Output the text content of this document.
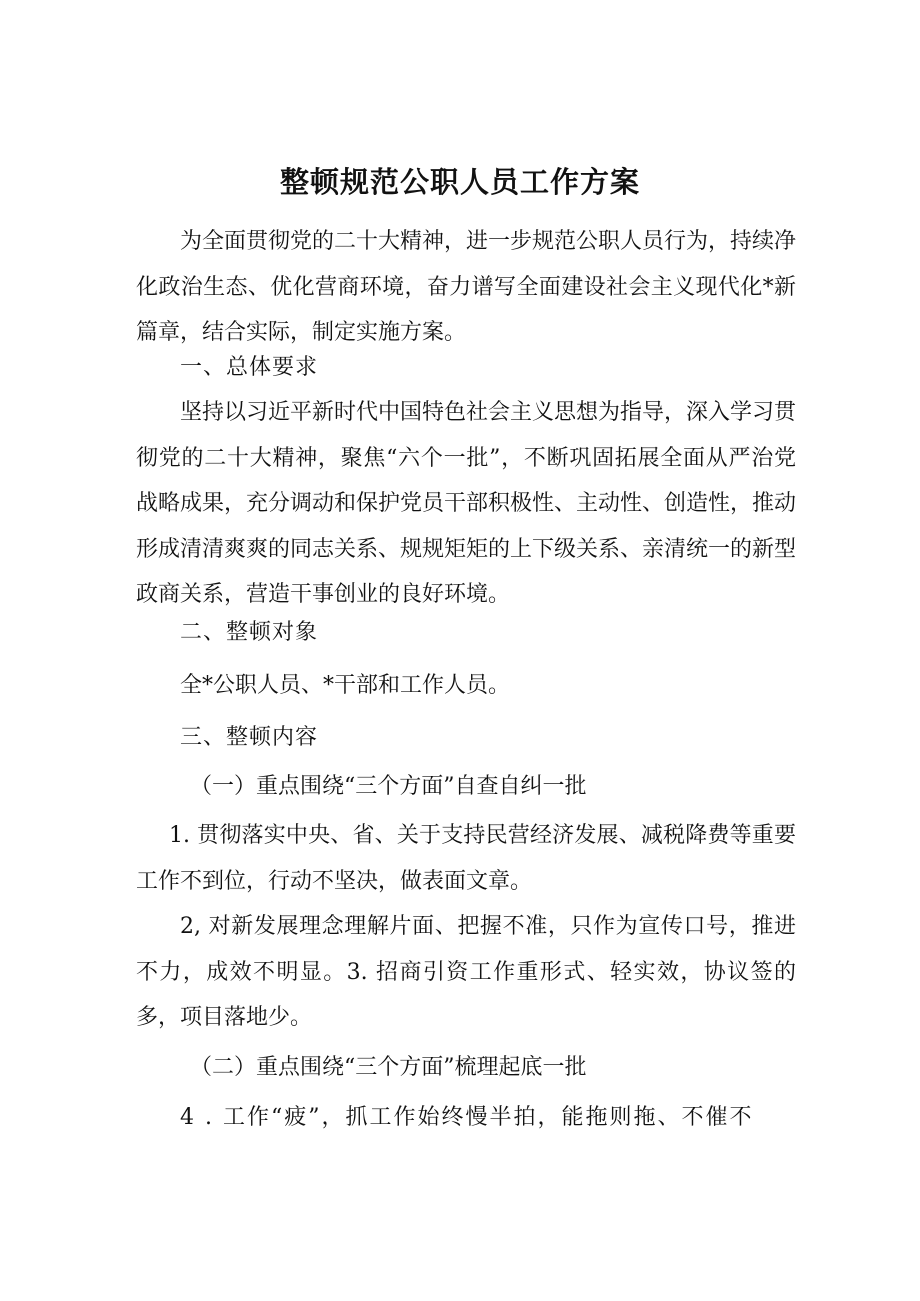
整顿规范公职人员工作方案

为全面贯彻党的二十大精神，进一步规范公职人员行为，持续净化政治生态、优化营商环境，奋力谱写全面建设社会主义现代化*新篇章，结合实际，制定实施方案。

一、总体要求

坚持以习近平新时代中国特色社会主义思想为指导，深入学习贯彻党的二十大精神，聚焦“六个一批”，不断巩固拓展全面从严治党战略成果，充分调动和保护党员干部积极性、主动性、创造性，推动形成清清爽爽的同志关系、规规矩矩的上下级关系、亲清统一的新型政商关系，营造干事创业的良好环境。

二、整顿对象

全*公职人员、*干部和工作人员。

三、整顿内容
（一）重点围绕“三个方面”自查自纠一批

1. 贯彻落实中央、省、关于支持民营经济发展、减税降费等重要工作不到位，行动不坚决，做表面文章。

2, 对新发展理念理解片面、把握不准，只作为宣传口号，推进不力，成效不明显。3. 招商引资工作重形式、轻实效，协议签的多，项目落地少。

（二）重点围绕“三个方面”梳理起底一批

4 . 工作“疲”，抓工作始终慢半拍，能拖则拖、不催不
